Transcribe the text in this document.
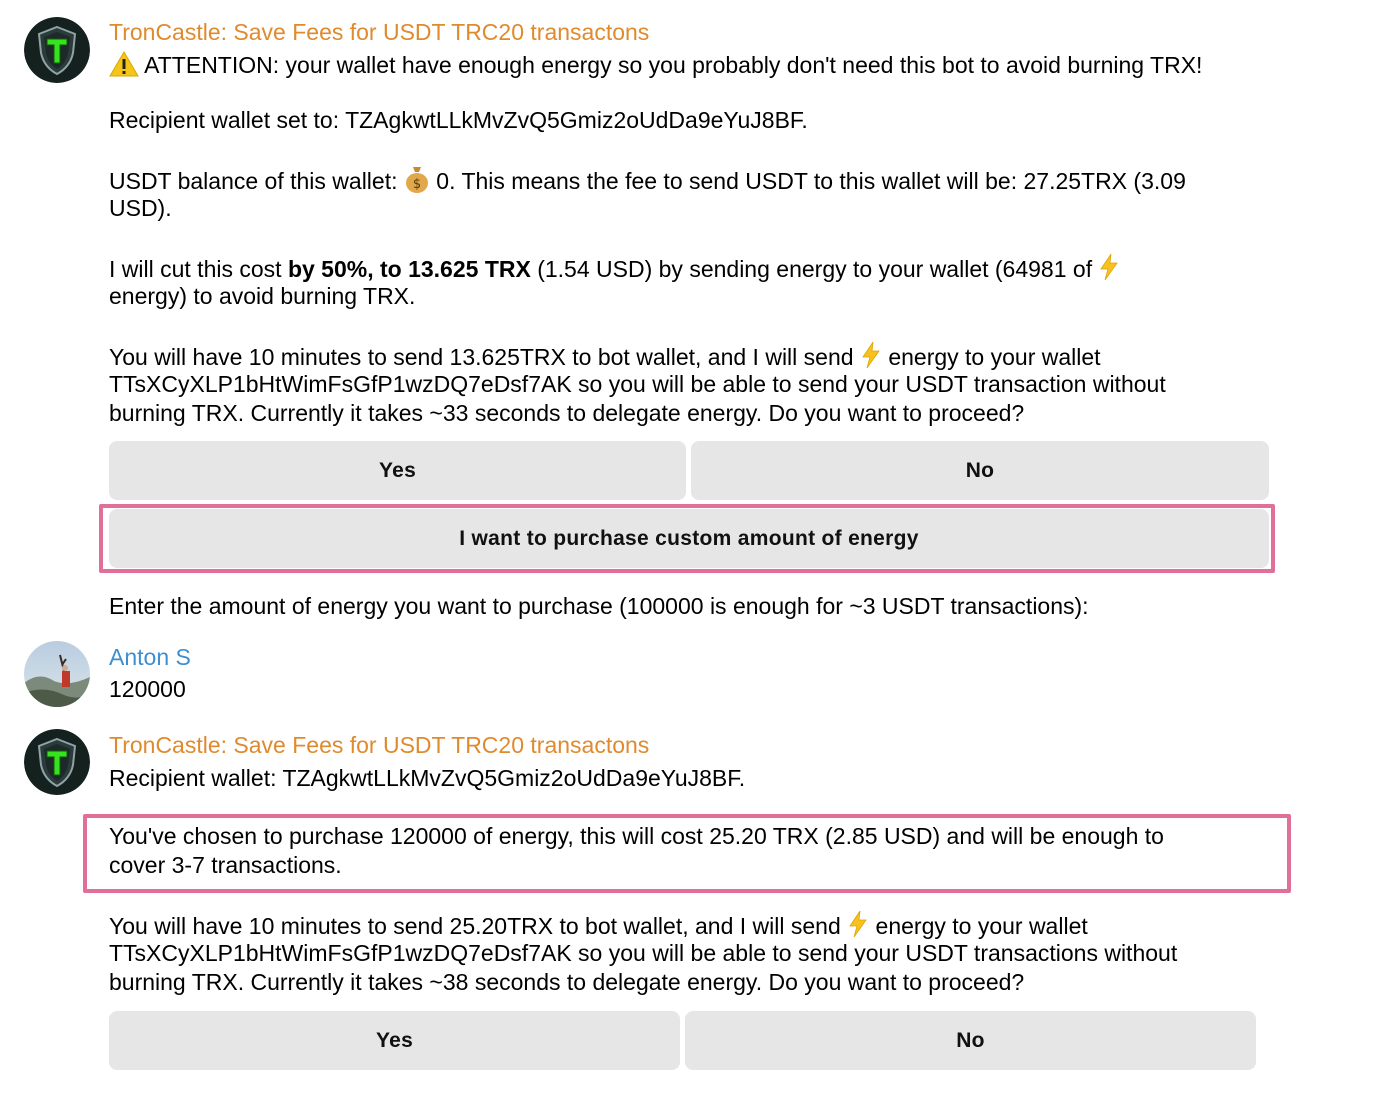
TronCastle: Save Fees for USDT TRC20 transactons
ATTENTION: your wallet have enough energy so you probably don't need this bot to avoid burning TRX!
Recipient wallet set to: TZAgkwtLLkMvZvQ5Gmiz2oUdDa9eYuJ8BF.
USDT balance of this wallet: $ 0. This means the fee to send USDT to this wallet will be: 27.25TRX (3.09
USD).
I will cut this cost by 50%, to 13.625 TRX (1.54 USD) by sending energy to your wallet (64981 of
energy) to avoid burning TRX.
You will have 10 minutes to send 13.625TRX to bot wallet, and I will send energy to your wallet
TTsXCyXLP1bHtWimFsGfP1wzDQ7eDsf7AK so you will be able to send your USDT transaction without
burning TRX. Currently it takes ~33 seconds to delegate energy. Do you want to proceed?
Yes	No
I want to purchase custom amount of energy
Enter the amount of energy you want to purchase (100000 is enough for ~3 USDT transactions):
Anton S
120000
TronCastle: Save Fees for USDT TRC20 transactons
Recipient wallet: TZAgkwtLLkMvZvQ5Gmiz2oUdDa9eYuJ8BF.
You've chosen to purchase 120000 of energy, this will cost 25.20 TRX (2.85 USD) and will be enough to
cover 3-7 transactions.
You will have 10 minutes to send 25.20TRX to bot wallet, and I will send energy to your wallet
TTsXCyXLP1bHtWimFsGfP1wzDQ7eDsf7AK so you will be able to send your USDT transactions without
burning TRX. Currently it takes ~38 seconds to delegate energy. Do you want to proceed?
Yes	No
